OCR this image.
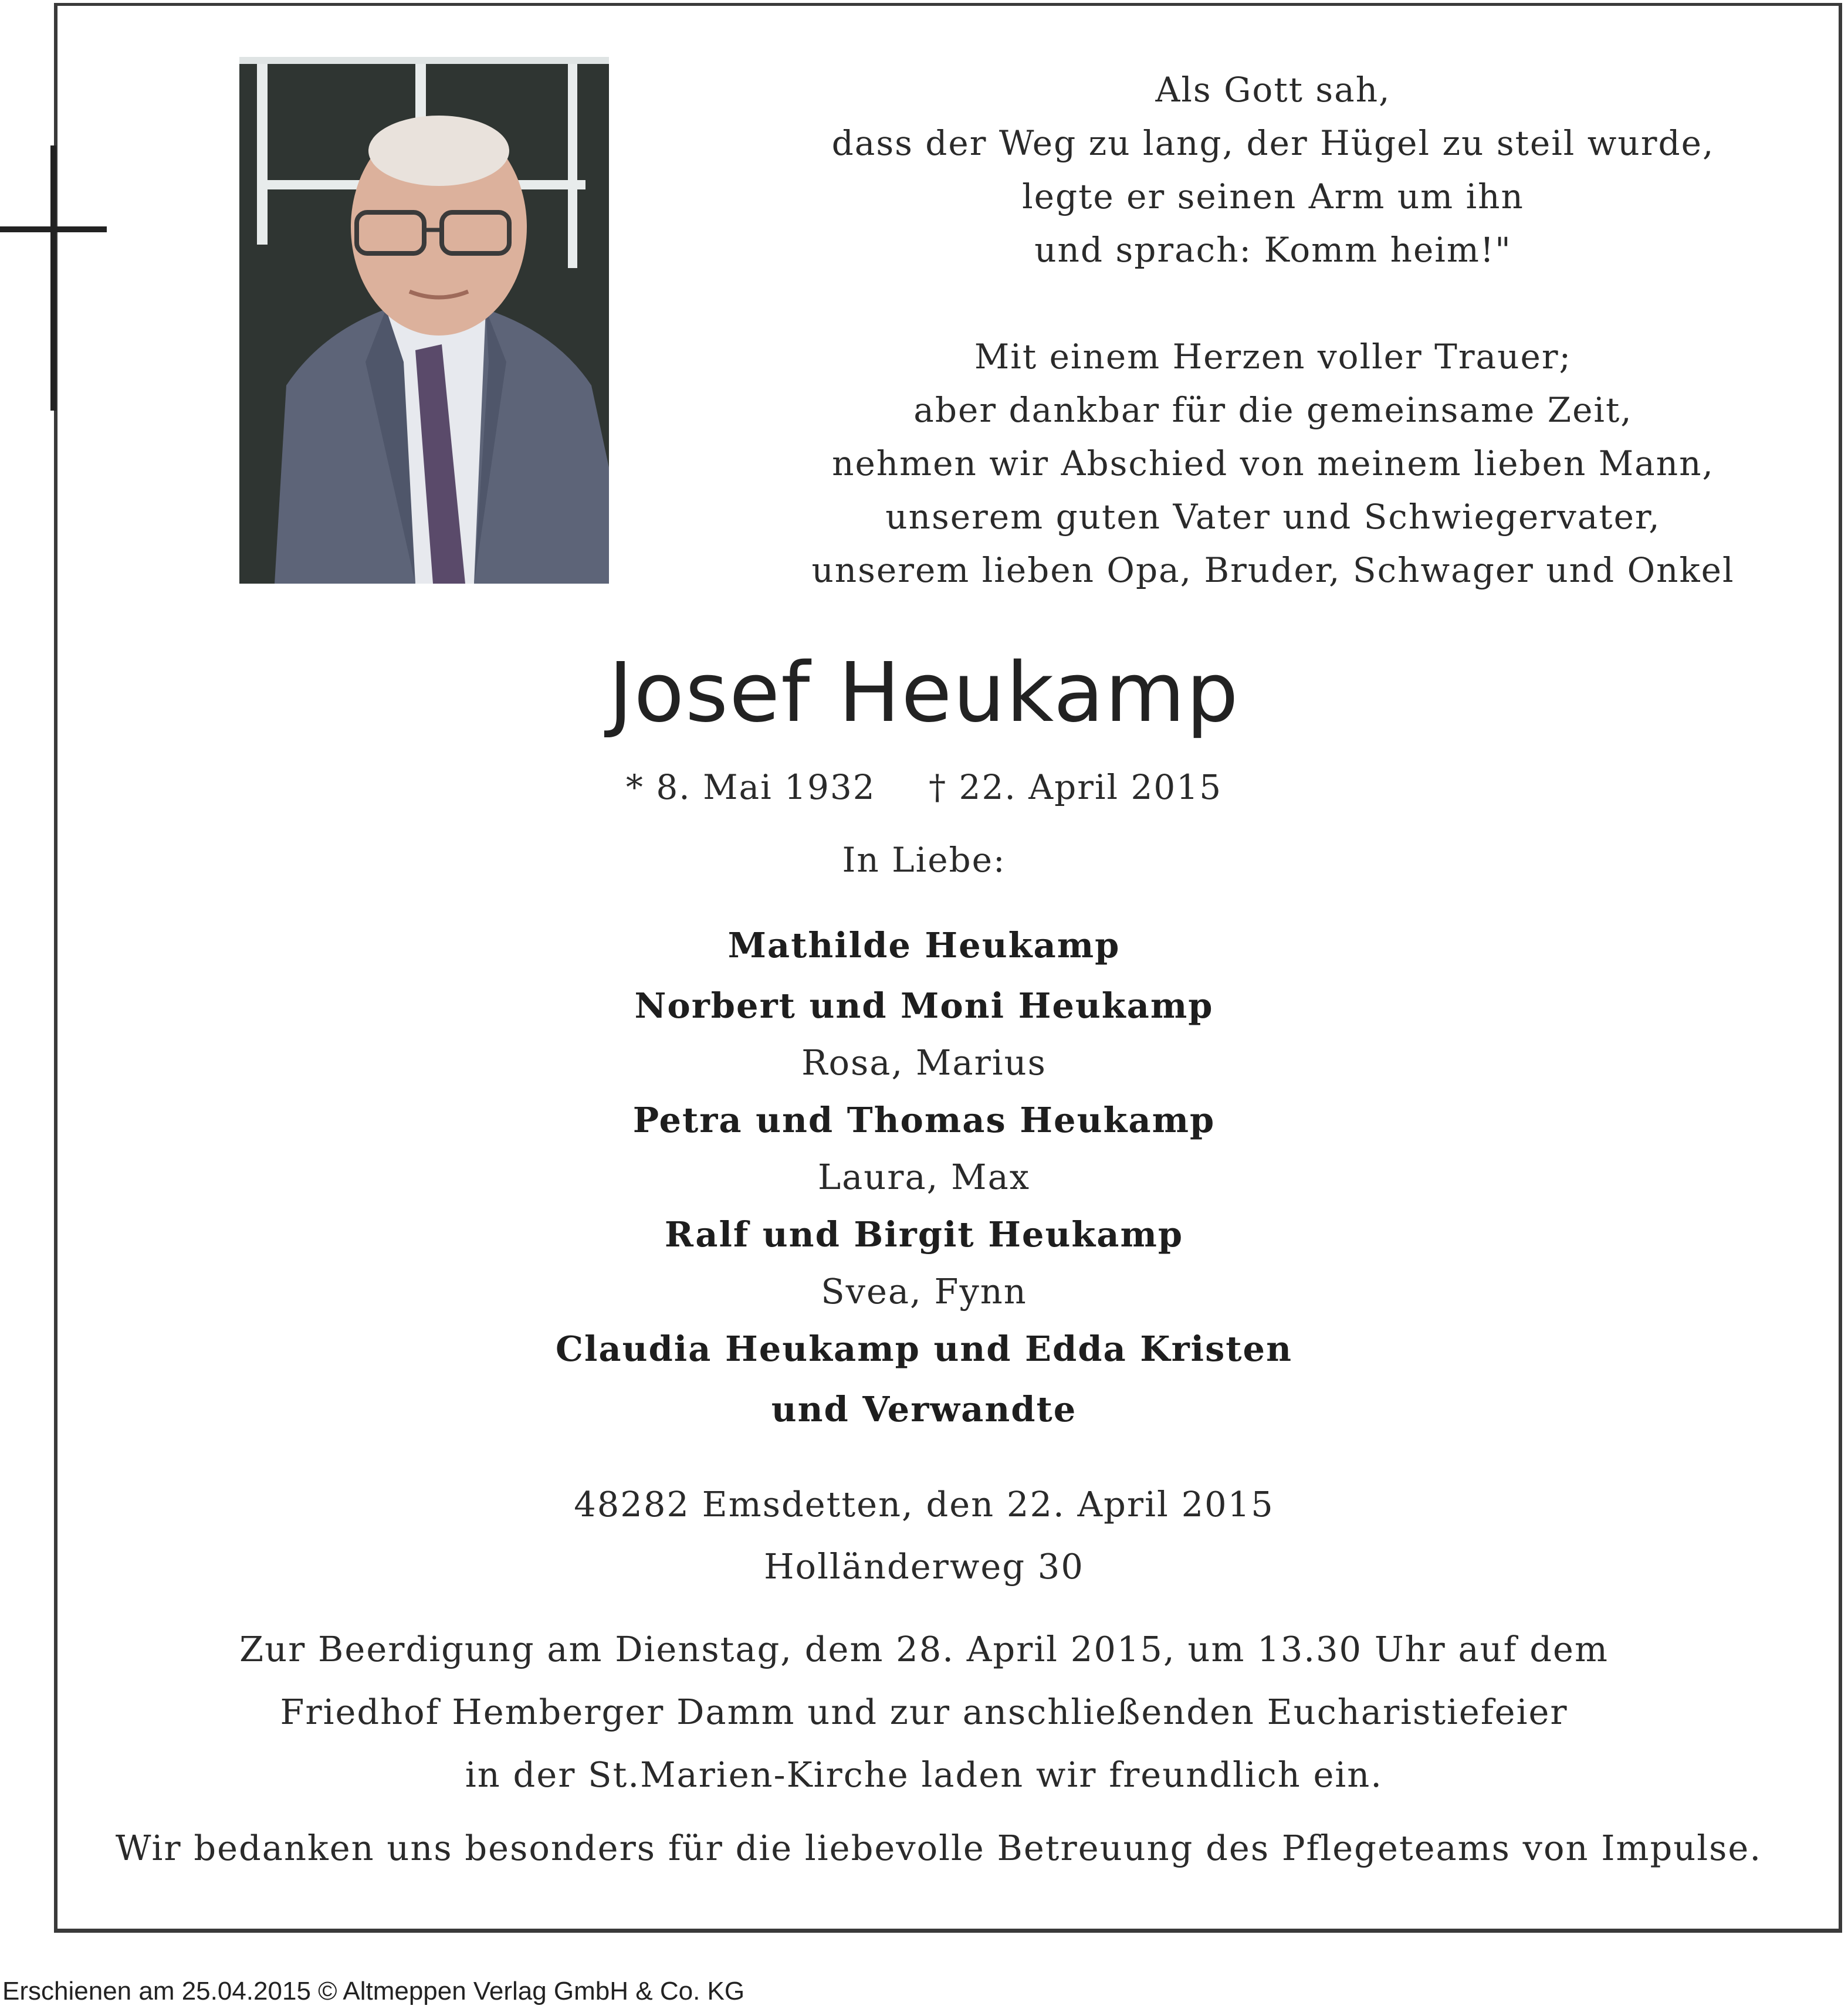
Als Gott sah,
dass der Weg zu lang, der Hügel zu steil wurde,
legte er seinen Arm um ihn
und sprach: Komm heim!"
Mit einem Herzen voller Trauer;
aber dankbar für die gemeinsame Zeit,
nehmen wir Abschied von meinem lieben Mann,
unserem guten Vater und Schwiegervater,
unserem lieben Opa, Bruder, Schwager und Onkel
Josef Heukamp
* 8. Mai 1932 † 22. April 2015
In Liebe:
Mathilde Heukamp
Norbert und Moni Heukamp
Rosa, Marius
Petra und Thomas Heukamp
Laura, Max
Ralf und Birgit Heukamp
Svea, Fynn
Claudia Heukamp und Edda Kristen
und Verwandte
48282 Emsdetten, den 22. April 2015
Holländerweg 30
Zur Beerdigung am Dienstag, dem 28. April 2015, um 13.30 Uhr auf dem
Friedhof Hemberger Damm und zur anschließenden Eucharistiefeier
in der St.Marien-Kirche laden wir freundlich ein.
Wir bedanken uns besonders für die liebevolle Betreuung des Pflegeteams von Impulse.
Erschienen am 25.04.2015 © Altmeppen Verlag GmbH & Co. KG
